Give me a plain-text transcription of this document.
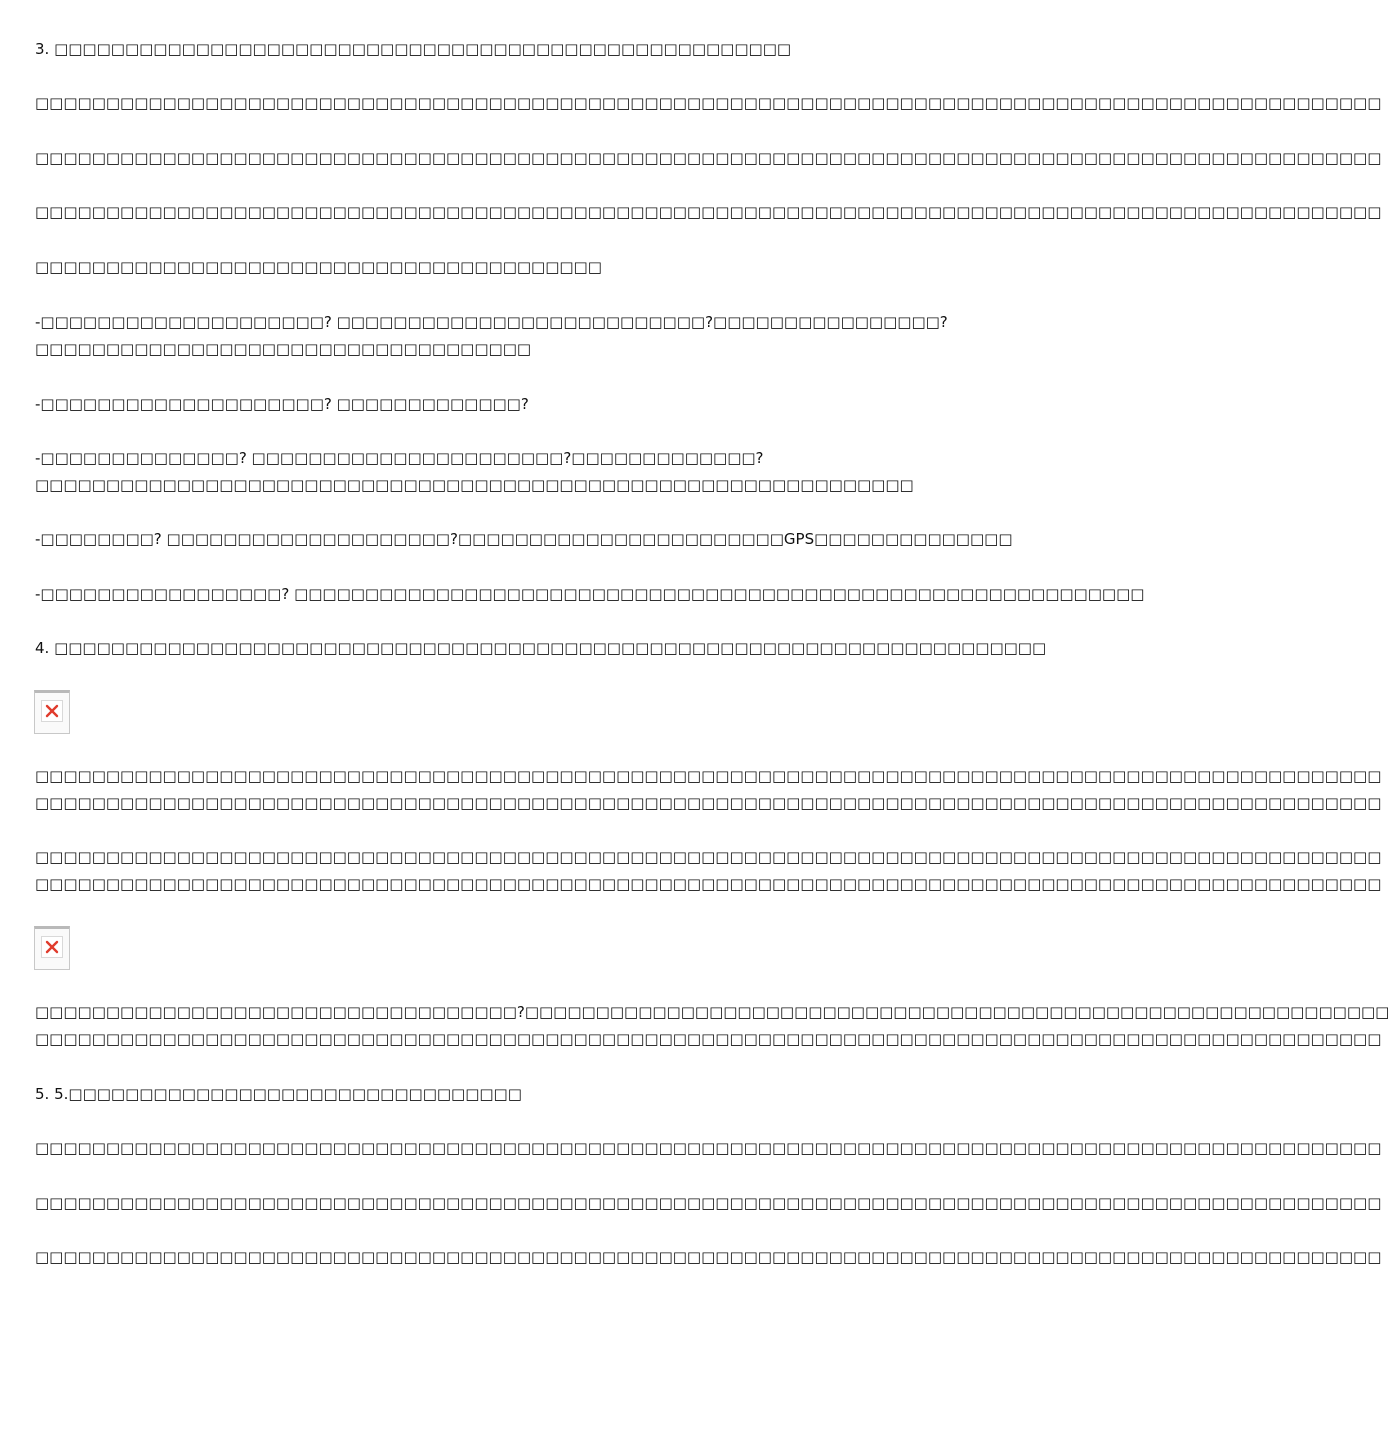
3. □□□□□□□□□□□□□□□□□□□□□□□□□□□□□□□□□□□□□□□□□□□□□□□□□□□□
□□□□□□□□□□□□□□□□□□□□□□□□□□□□□□□□□□□□□□□□□□□□□□□□□□□□□□□□□□□□□□□□□□□□□□□□□□□□□□□□□□□□□□□□□□□□□□□
□□□□□□□□□□□□□□□□□□□□□□□□□□□□□□□□□□□□□□□□□□□□□□□□□□□□□□□□□□□□□□□□□□□□□□□□□□□□□□□□□□□□□□□□□□□□□□□
□□□□□□□□□□□□□□□□□□□□□□□□□□□□□□□□□□□□□□□□□□□□□□□□□□□□□□□□□□□□□□□□□□□□□□□□□□□□□□□□□□□□□□□□□□□□□□□
□□□□□□□□□□□□□□□□□□□□□□□□□□□□□□□□□□□□□□□□
-□□□□□□□□□□□□□□□□□□□□? □□□□□□□□□□□□□□□□□□□□□□□□□□?□□□□□□□□□□□□□□□□?
□□□□□□□□□□□□□□□□□□□□□□□□□□□□□□□□□□□
-□□□□□□□□□□□□□□□□□□□□? □□□□□□□□□□□□□?
-□□□□□□□□□□□□□□? □□□□□□□□□□□□□□□□□□□□□□?□□□□□□□□□□□□□?
□□□□□□□□□□□□□□□□□□□□□□□□□□□□□□□□□□□□□□□□□□□□□□□□□□□□□□□□□□□□□□
-□□□□□□□□? □□□□□□□□□□□□□□□□□□□□?□□□□□□□□□□□□□□□□□□□□□□□GPS□□□□□□□□□□□□□□
-□□□□□□□□□□□□□□□□□? □□□□□□□□□□□□□□□□□□□□□□□□□□□□□□□□□□□□□□□□□□□□□□□□□□□□□□□□□□□□
4. □□□□□□□□□□□□□□□□□□□□□□□□□□□□□□□□□□□□□□□□□□□□□□□□□□□□□□□□□□□□□□□□□□□□□□
□□□□□□□□□□□□□□□□□□□□□□□□□□□□□□□□□□□□□□□□□□□□□□□□□□□□□□□□□□□□□□□□□□□□□□□□□□□□□□□□□□□□□□□□□□□□□□□
□□□□□□□□□□□□□□□□□□□□□□□□□□□□□□□□□□□□□□□□□□□□□□□□□□□□□□□□□□□□□□□□□□□□□□□□□□□□□□□□□□□□□□□□□□□□□□□
□□□□□□□□□□□□□□□□□□□□□□□□□□□□□□□□□□□□□□□□□□□□□□□□□□□□□□□□□□□□□□□□□□□□□□□□□□□□□□□□□□□□□□□□□□□□□□□
□□□□□□□□□□□□□□□□□□□□□□□□□□□□□□□□□□□□□□□□□□□□□□□□□□□□□□□□□□□□□□□□□□□□□□□□□□□□□□□□□□□□□□□□□□□□□□□
□□□□□□□□□□□□□□□□□□□□□□□□□□□□□□□□□□?□□□□□□□□□□□□□□□□□□□□□□□□□□□□□□□□□□□□□□□□□□□□□□□□□□□□□□□□□□□□□
□□□□□□□□□□□□□□□□□□□□□□□□□□□□□□□□□□□□□□□□□□□□□□□□□□□□□□□□□□□□□□□□□□□□□□□□□□□□□□□□□□□□□□□□□□□□□□□
5. 5.□□□□□□□□□□□□□□□□□□□□□□□□□□□□□□□□
□□□□□□□□□□□□□□□□□□□□□□□□□□□□□□□□□□□□□□□□□□□□□□□□□□□□□□□□□□□□□□□□□□□□□□□□□□□□□□□□□□□□□□□□□□□□□□□
□□□□□□□□□□□□□□□□□□□□□□□□□□□□□□□□□□□□□□□□□□□□□□□□□□□□□□□□□□□□□□□□□□□□□□□□□□□□□□□□□□□□□□□□□□□□□□□
□□□□□□□□□□□□□□□□□□□□□□□□□□□□□□□□□□□□□□□□□□□□□□□□□□□□□□□□□□□□□□□□□□□□□□□□□□□□□□□□□□□□□□□□□□□□□□□
